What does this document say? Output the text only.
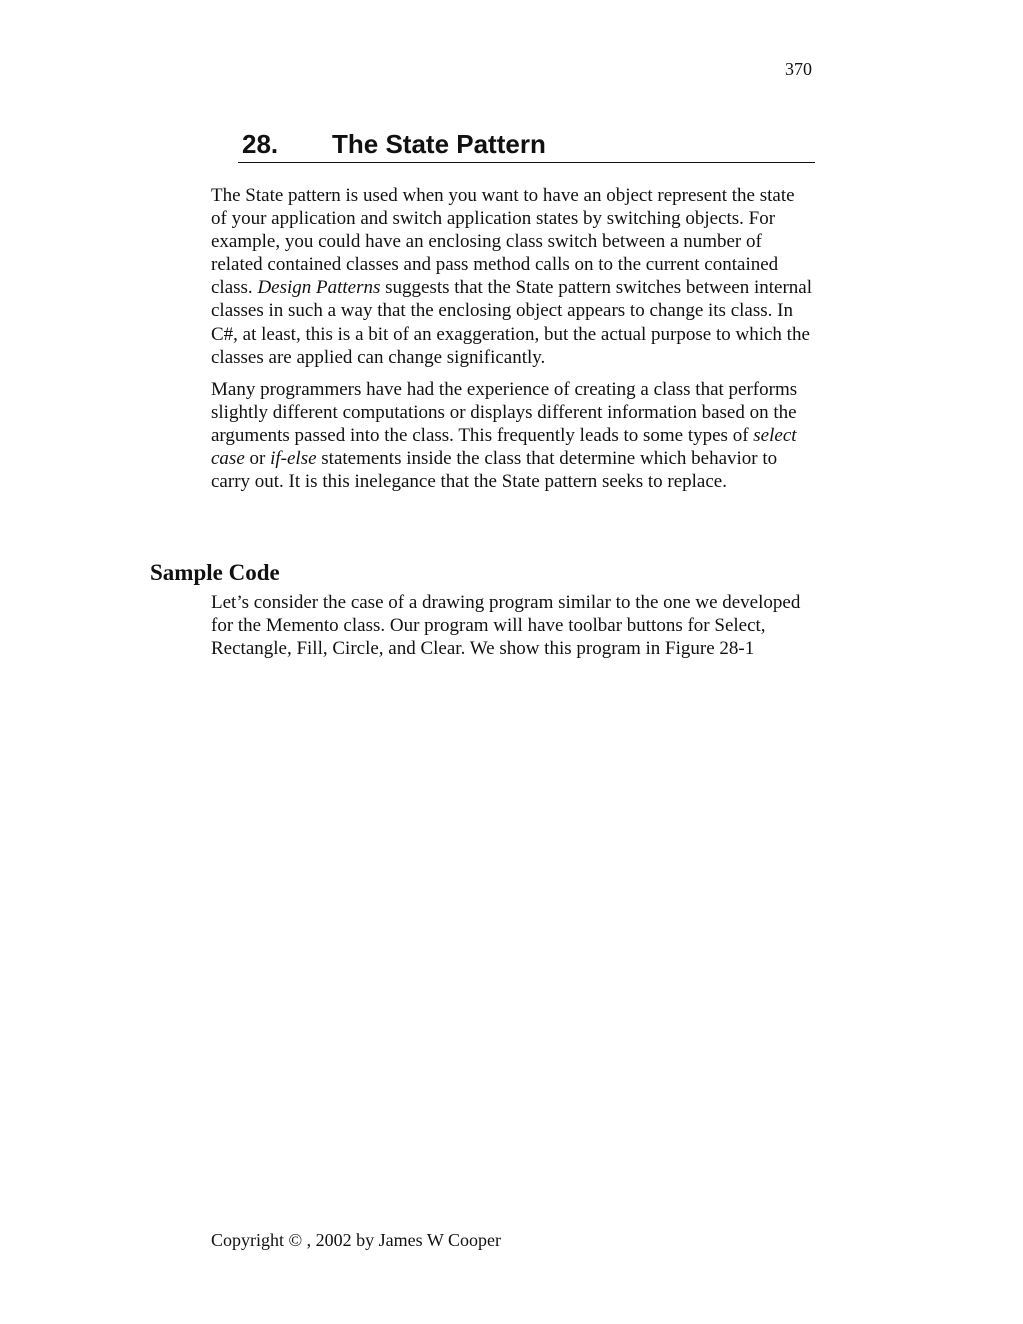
370
28. The State Pattern

The State pattern is used when you want to have an object represent the state of your application and switch application states by switching objects. For example, you could have an enclosing class switch between a number of related contained classes and pass method calls on to the current contained class. Design Patterns suggests that the State pattern switches between internal classes in such a way that the enclosing object appears to change its class. In C#, at least, this is a bit of an exaggeration, but the actual purpose to which the classes are applied can change significantly.

Many programmers have had the experience of creating a class that performs slightly different computations or displays different information based on the arguments passed into the class. This frequently leads to some types of select case or if-else statements inside the class that determine which behavior to carry out. It is this inelegance that the State pattern seeks to replace.

Sample Code

Let’s consider the case of a drawing program similar to the one we developed for the Memento class. Our program will have toolbar buttons for Select, Rectangle, Fill, Circle, and Clear. We show this program in Figure 28-1

Copyright © , 2002 by James W Cooper
